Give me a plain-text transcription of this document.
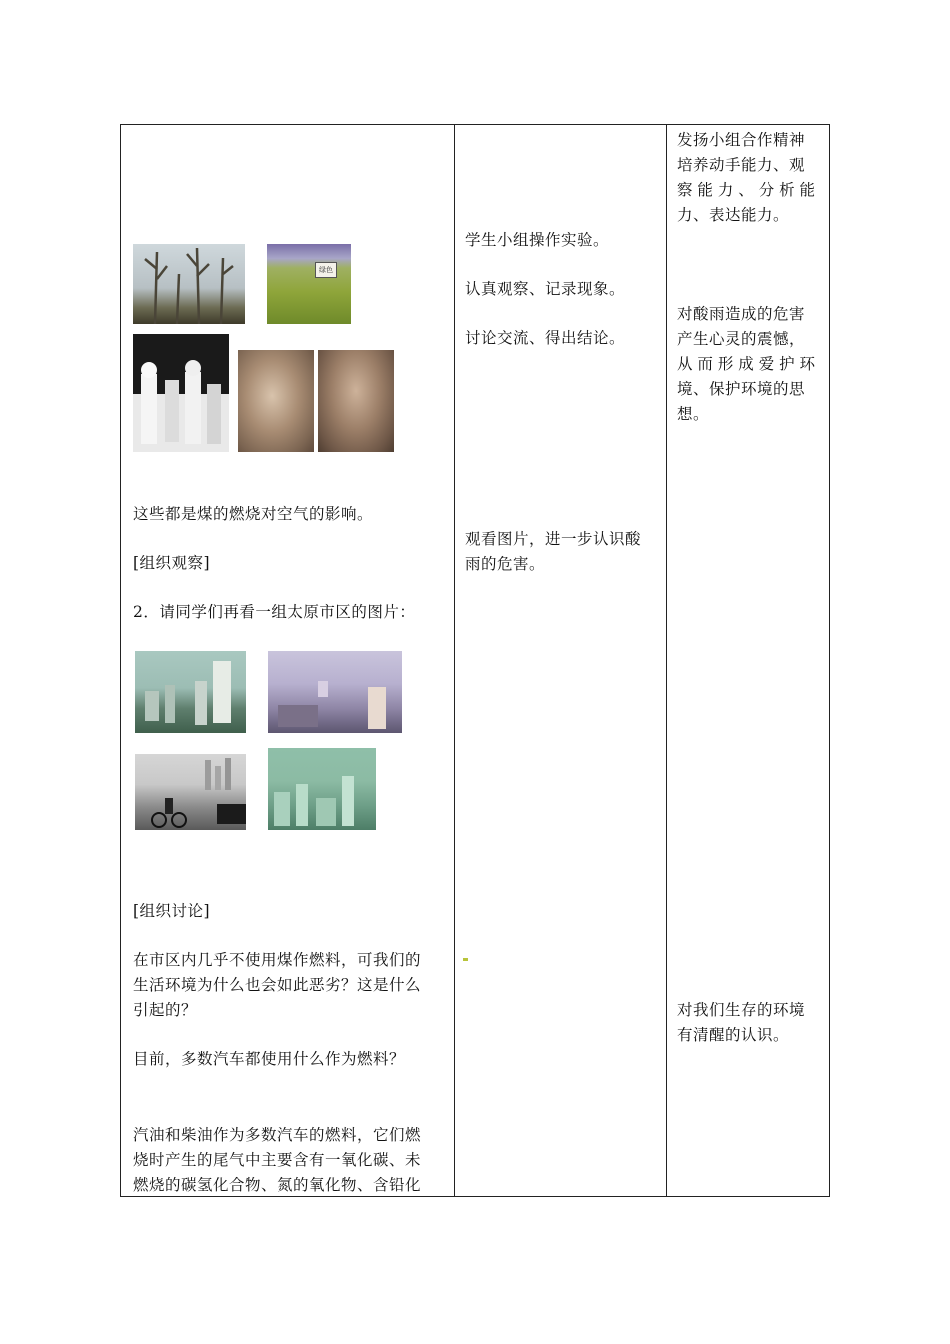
绿色
这些都是煤的燃烧对空气的影响。
[组织观察]
2．请同学们再看一组太原市区的图片：
[组织讨论]
在市区内几乎不使用煤作燃料，可我们的
生活环境为什么也会如此恶劣？这是什么
引起的？
目前，多数汽车都使用什么作为燃料？
汽油和柴油作为多数汽车的燃料，它们燃
烧时产生的尾气中主要含有一氧化碳、未
燃烧的碳氢化合物、氮的氧化物、含铅化
学生小组操作实验。
认真观察、记录现象。
讨论交流、得出结论。
观看图片，进一步认识酸
雨的危害。
发扬小组合作精神
培养动手能力、观
察 能 力 、 分 析 能
力、表达能力。
对酸雨造成的危害
产生心灵的震憾，
从 而 形 成 爱 护 环
境、保护环境的思
想。
对我们生存的环境
有清醒的认识。
